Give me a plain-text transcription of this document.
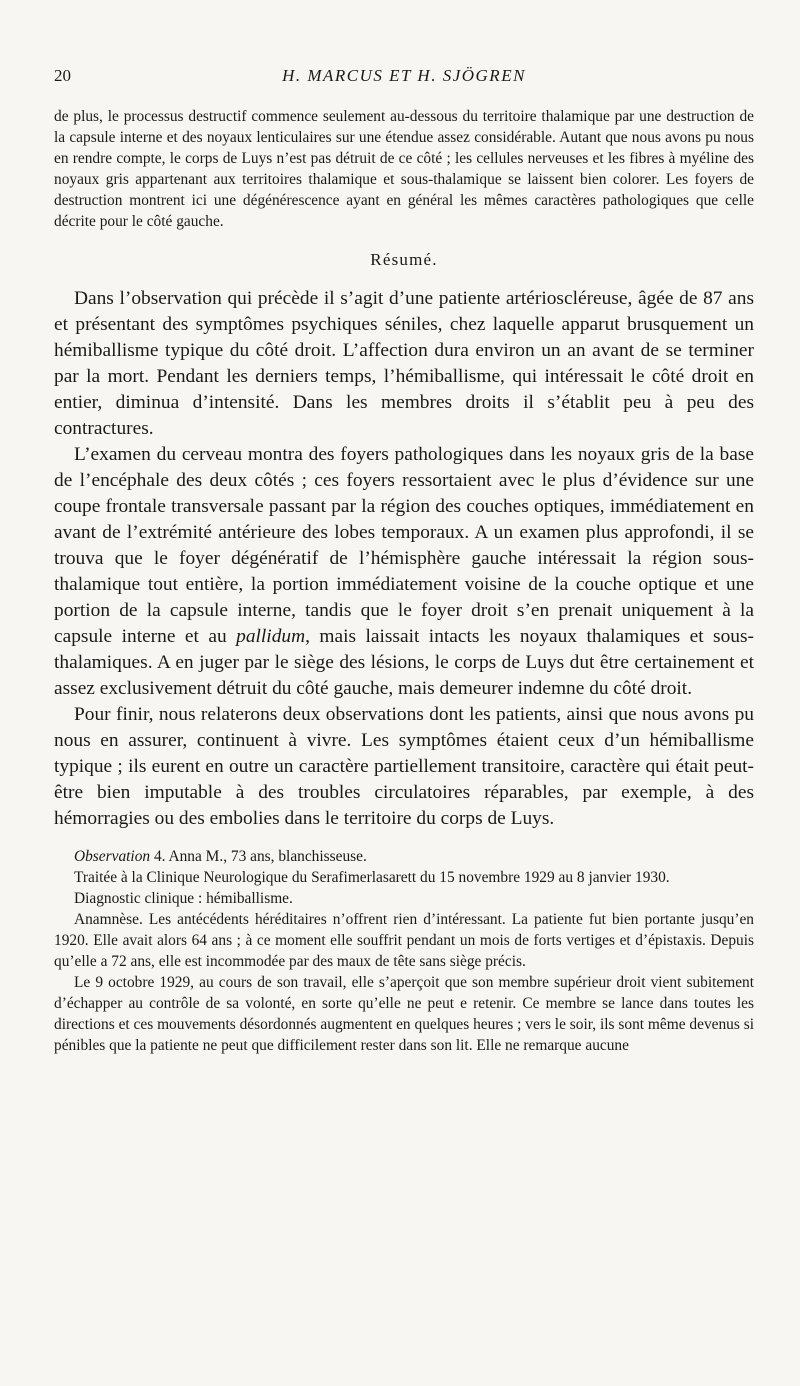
20	H. MARCUS ET H. SJÖGREN

de plus, le processus destructif commence seulement au-dessous du territoire thalamique par une destruction de la capsule interne et des noyaux lenticulaires sur une étendue assez considérable. Autant que nous avons pu nous en rendre compte, le corps de Luys n’est pas détruit de ce côté ; les cellules nerveuses et les fibres à myéline des noyaux gris appartenant aux territoires thalamique et sous-thalamique se laissent bien colorer. Les foyers de destruction montrent ici une dégénérescence ayant en général les mêmes caractères pathologiques que celle décrite pour le côté gauche.

Résumé.

Dans l’observation qui précède il s’agit d’une patiente artérioscléreuse, âgée de 87 ans et présentant des symptômes psychiques séniles, chez laquelle apparut brusquement un hémiballisme typique du côté droit. L’affection dura environ un an avant de se terminer par la mort. Pendant les derniers temps, l’hémiballisme, qui intéressait le côté droit en entier, diminua d’intensité. Dans les membres droits il s’établit peu à peu des contractures.

L’examen du cerveau montra des foyers pathologiques dans les noyaux gris de la base de l’encéphale des deux côtés ; ces foyers ressortaient avec le plus d’évidence sur une coupe frontale transversale passant par la région des couches optiques, immédiatement en avant de l’extrémité antérieure des lobes temporaux. A un examen plus approfondi, il se trouva que le foyer dégénératif de l’hémisphère gauche intéressait la région sous-thalamique tout entière, la portion immédiatement voisine de la couche optique et une portion de la capsule interne, tandis que le foyer droit s’en prenait uniquement à la capsule interne et au pallidum, mais laissait intacts les noyaux thalamiques et sous-thalamiques. A en juger par le siège des lésions, le corps de Luys dut être certainement et assez exclusivement détruit du côté gauche, mais demeurer indemne du côté droit.

Pour finir, nous relaterons deux observations dont les patients, ainsi que nous avons pu nous en assurer, continuent à vivre. Les symptômes étaient ceux d’un hémiballisme typique ; ils eurent en outre un caractère partiellement transitoire, caractère qui était peut-être bien imputable à des troubles circulatoires réparables, par exemple, à des hémorragies ou des embolies dans le territoire du corps de Luys.

Observation 4. Anna M., 73 ans, blanchisseuse.

Traitée à la Clinique Neurologique du Serafimerlasarett du 15 novembre 1929 au 8 janvier 1930.

Diagnostic clinique : hémiballisme.

Anamnèse. Les antécédents héréditaires n’offrent rien d’intéressant. La patiente fut bien portante jusqu’en 1920. Elle avait alors 64 ans ; à ce moment elle souffrit pendant un mois de forts vertiges et d’épistaxis. Depuis qu’elle a 72 ans, elle est incommodée par des maux de tête sans siège précis.

Le 9 octobre 1929, au cours de son travail, elle s’aperçoit que son membre supérieur droit vient subitement d’échapper au contrôle de sa volonté, en sorte qu’elle ne peut e retenir. Ce membre se lance dans toutes les directions et ces mouvements désordonnés augmentent en quelques heures ; vers le soir, ils sont même devenus si pénibles que la patiente ne peut que difficilement rester dans son lit. Elle ne remarque aucune
